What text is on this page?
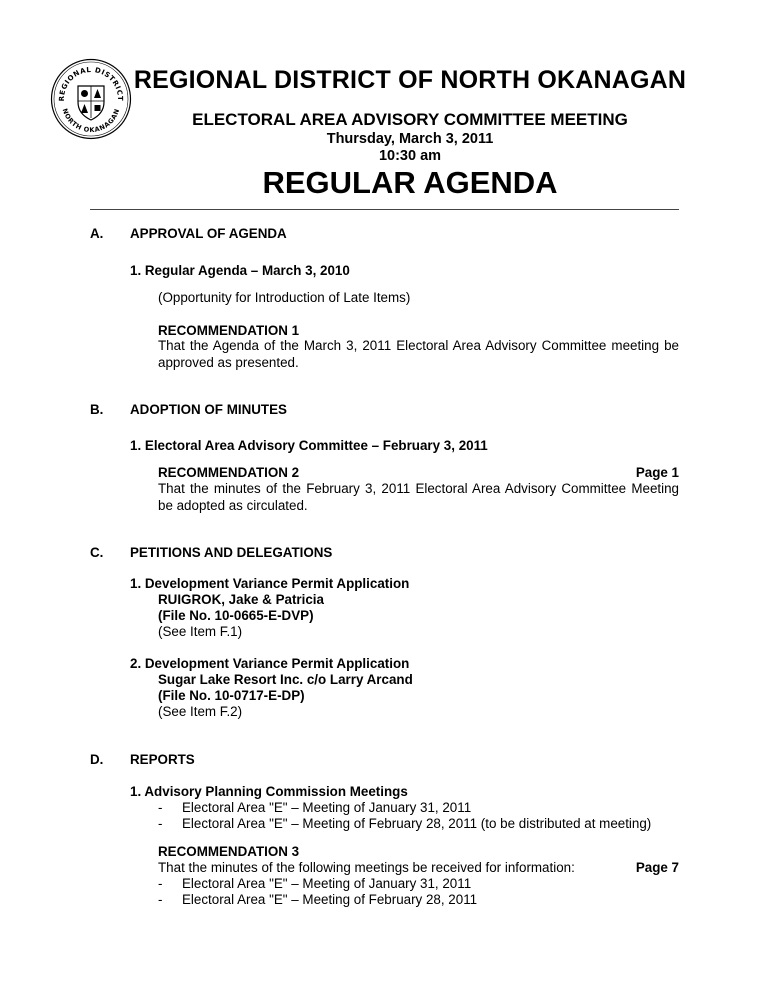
REGIONAL DISTRICT
NORTH OKANAGAN
REGIONAL DISTRICT OF NORTH OKANAGAN
ELECTORAL AREA ADVISORY COMMITTEE MEETING
Thursday, March 3, 2011
10:30 am
REGULAR AGENDA
A. APPROVAL OF AGENDA
1. Regular Agenda – March 3, 2010
(Opportunity for Introduction of Late Items)
RECOMMENDATION 1
That the Agenda of the March 3, 2011 Electoral Area Advisory Committee meeting be approved as presented.
B. ADOPTION OF MINUTES
1. Electoral Area Advisory Committee – February 3, 2011
RECOMMENDATION 2	Page 1
That the minutes of the February 3, 2011 Electoral Area Advisory Committee Meeting be adopted as circulated.
C. PETITIONS AND DELEGATIONS
1. Development Variance Permit Application
RUIGROK, Jake & Patricia
(File No. 10-0665-E-DVP)
(See Item F.1)
2. Development Variance Permit Application
Sugar Lake Resort Inc. c/o Larry Arcand
(File No. 10-0717-E-DP)
(See Item F.2)
D. REPORTS
1. Advisory Planning Commission Meetings
- Electoral Area "E" – Meeting of January 31, 2011
- Electoral Area "E" – Meeting of February 28, 2011 (to be distributed at meeting)
RECOMMENDATION 3
Page 7
That the minutes of the following meetings be received for information:
- Electoral Area "E" – Meeting of January 31, 2011
- Electoral Area "E" – Meeting of February 28, 2011
